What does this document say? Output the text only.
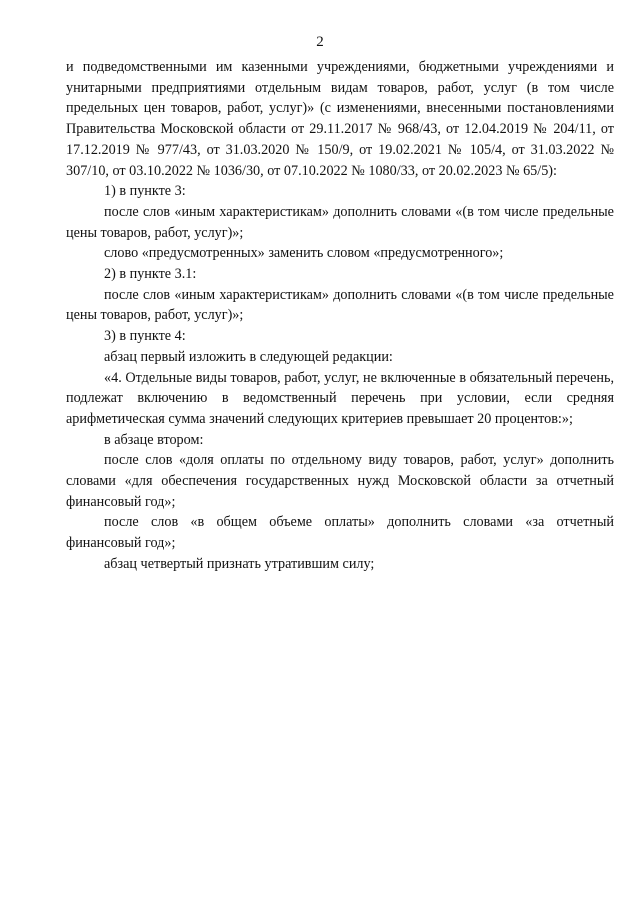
2

и подведомственными им казенными учреждениями, бюджетными учреждениями и унитарными предприятиями отдельным видам товаров, работ, услуг (в том числе предельных цен товаров, работ, услуг)» (с изменениями, внесенными постановлениями Правительства Московской области от 29.11.2017 № 968/43, от 12.04.2019 № 204/11, от 17.12.2019 № 977/43, от 31.03.2020 № 150/9, от 19.02.2021 № 105/4, от 31.03.2022 № 307/10, от 03.10.2022 № 1036/30, от 07.10.2022 № 1080/33, от 20.02.2023 № 65/5):

1) в пункте 3:

после слов «иным характеристикам» дополнить словами «(в том числе предельные цены товаров, работ, услуг)»;

слово «предусмотренных» заменить словом «предусмотренного»;

2) в пункте 3.1:

после слов «иным характеристикам» дополнить словами «(в том числе предельные цены товаров, работ, услуг)»;

3) в пункте 4:

абзац первый изложить в следующей редакции:

«4. Отдельные виды товаров, работ, услуг, не включенные в обязательный перечень, подлежат включению в ведомственный перечень при условии, если средняя арифметическая сумма значений следующих критериев превышает 20 процентов:»;

в абзаце втором:

после слов «доля оплаты по отдельному виду товаров, работ, услуг» дополнить словами «для обеспечения государственных нужд Московской области за отчетный финансовый год»;

после слов «в общем объеме оплаты» дополнить словами «за отчетный финансовый год»;

абзац четвертый признать утратившим силу;
